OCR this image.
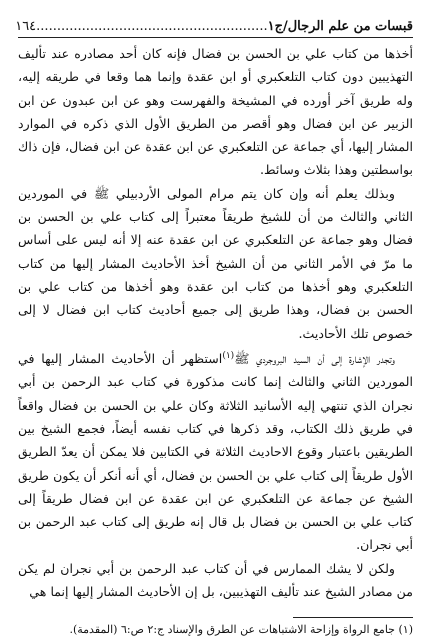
قبسات من علم الرجال/ج١
........................................................
١٦٤

أخذها من كتاب علي بن الحسن بن فضال فإنه كان أحد مصادره عند تأليف التهذيبين دون كتاب التلعكبري أو ابن عقدة وإنما هما وقعا في طريقه إليه، وله طريق آخر أورده في المشيخة والفهرست وهو عن ابن عبدون عن ابن الزبير عن ابن فضال وهو أقصر من الطريق الأول الذي ذكره في الموارد المشار إليها، أي جماعة عن التلعكبري عن ابن عقدة عن ابن فضال، فإن ذاك بواسطتين وهذا بثلاث وسائط.

وبذلك يعلم أنه وإن كان يتم مرام المولى الأردبيلي ﷺ في الموردين الثاني والثالث من أن للشيخ طريقاً معتبراً إلى كتاب علي بن الحسن بن فضال وهو جماعة عن التلعكبري عن ابن عقدة عنه إلا أنه ليس على أساس ما مرّ في الأمر الثاني من أن الشيخ أخذ الأحاديث المشار إليها من كتاب التلعكبري وهو أخذها من كتاب ابن عقدة وهو أخذها من كتاب علي بن الحسن بن فضال، وهذا طريق إلى جميع أحاديث كتاب ابن فضال لا إلى خصوص تلك الأحاديث.

وتجدر الإشارة إلى أن السيد البروجردي ﷺ$^{(١)}$استظهر أن الأحاديث المشار إليها في الموردين الثاني والثالث إنما كانت مذكورة في كتاب عبد الرحمن بن أبي نجران الذي تنتهي إليه الأسانيد الثلاثة وكان علي بن الحسن بن فضال واقعاً في طريق ذلك الكتاب، وقد ذكرها في كتاب نفسه أيضاً، فجمع الشيخ بين الطريقين باعتبار وقوع الاحاديث الثلاثة في الكتابين فلا يمكن أن يعدّ الطريق الأول طريقاً إلى كتاب علي بن الحسن بن فضال، أي أنه أنكر أن يكون طريق الشيخ عن جماعة عن التلعكبري عن ابن عقدة عن ابن فضال طريقاً إلى كتاب علي بن الحسن بن فضال بل قال إنه طريق إلى كتاب عبد الرحمن بن أبي نجران.

ولكن لا يشك الممارس في أن كتاب عبد الرحمن بن أبي نجران لم يكن من مصادر الشيخ عند تأليف التهذيبين، بل إن الأحاديث المشار إليها إنما هي

(١) جامع الرواة وإزاحة الاشتباهات عن الطرق والإسناد ج:٢ ص:٦ (المقدمة).
